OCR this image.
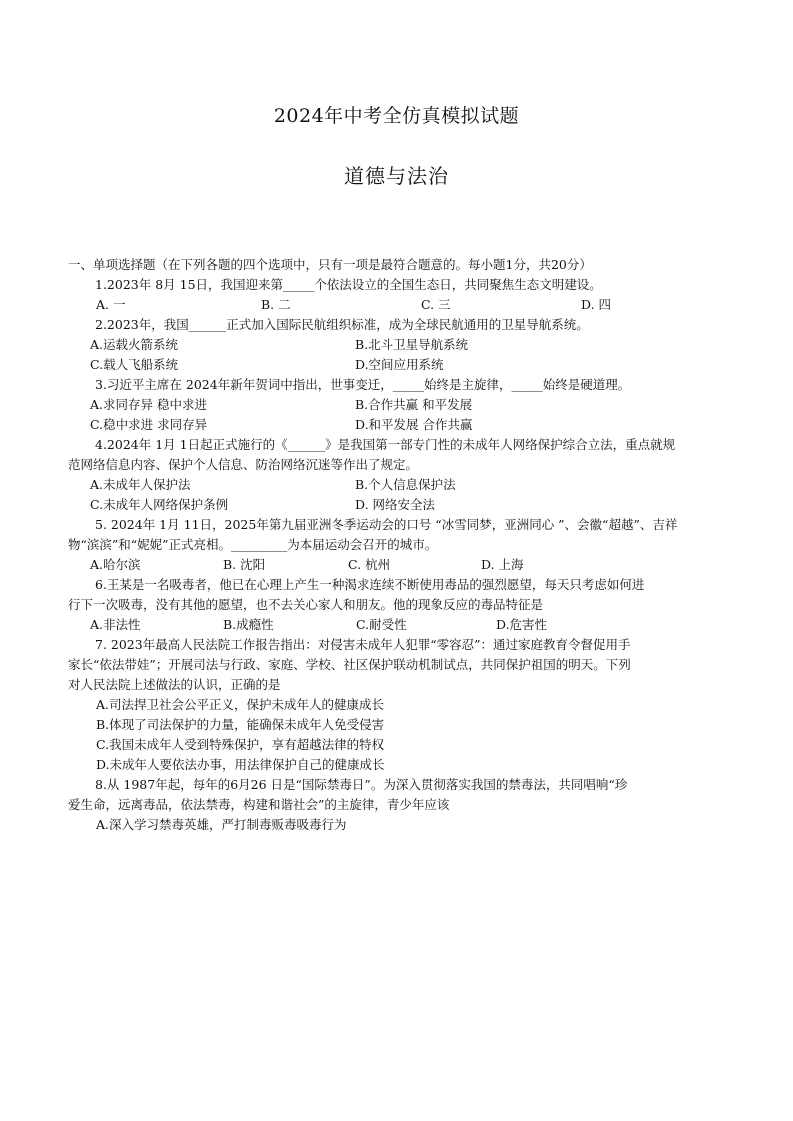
2024年中考全仿真模拟试题
道德与法治
一、单项选择题（在下列各题的四个选项中，只有一项是最符合题意的。每小题1分，共20分）
1.2023年 8月 15日，我国迎来第_____个依法设立的全国生态日，共同聚焦生态文明建设。
A. 一	B. 二	C. 三	D. 四
2.2023年，我国______正式加入国际民航组织标准，成为全球民航通用的卫星导航系统。
A.运载火箭系统	B.北斗卫星导航系统
C.载人飞船系统	D.空间应用系统
3.习近平主席在 2024年新年贺词中指出，世事变迁，_____始终是主旋律，_____始终是硬道理。
A.求同存异 稳中求进	B.合作共赢 和平发展
C.稳中求进 求同存异	D.和平发展 合作共赢
4.2024年 1月 1日起正式施行的《______》是我国第一部专门性的未成年人网络保护综合立法，重点就规
范网络信息内容、保护个人信息、防治网络沉迷等作出了规定。
A.未成年人保护法	B.个人信息保护法
C.未成年人网络保护条例	D. 网络安全法
5. 2024年 1月 11日，2025年第九届亚洲冬季运动会的口号 “冰雪同梦，亚洲同心 ”、会徽“超越”、吉祥
物“滨滨”和“妮妮”正式亮相。_________为本届运动会召开的城市。
A.哈尔滨	B. 沈阳	C. 杭州	D. 上海
6.王某是一名吸毒者，他已在心理上产生一种渴求连续不断使用毒品的强烈愿望，每天只考虑如何进
行下一次吸毒，没有其他的愿望，也不去关心家人和朋友。他的现象反应的毒品特征是
A.非法性	B.成瘾性	C.耐受性	D.危害性
7. 2023年最高人民法院工作报告指出：对侵害未成年人犯罪“零容忍”：通过家庭教育令督促用手
家长“依法带娃”；开展司法与行政、家庭、学校、社区保护联动机制试点，共同保护祖国的明天。下列
对人民法院上述做法的认识，正确的是
A.司法捍卫社会公平正义，保护未成年人的健康成长
B.体现了司法保护的力量，能确保未成年人免受侵害
C.我国未成年人受到特殊保护，享有超越法律的特权
D.未成年人要依法办事，用法律保护自己的健康成长
8.从 1987年起，每年的6月26 日是“国际禁毒日”。为深入贯彻落实我国的禁毒法，共同唱响“珍
爱生命，远离毒品，依法禁毒，构建和谐社会”的主旋律，青少年应该
A.深入学习禁毒英雄，严打制毒贩毒吸毒行为
